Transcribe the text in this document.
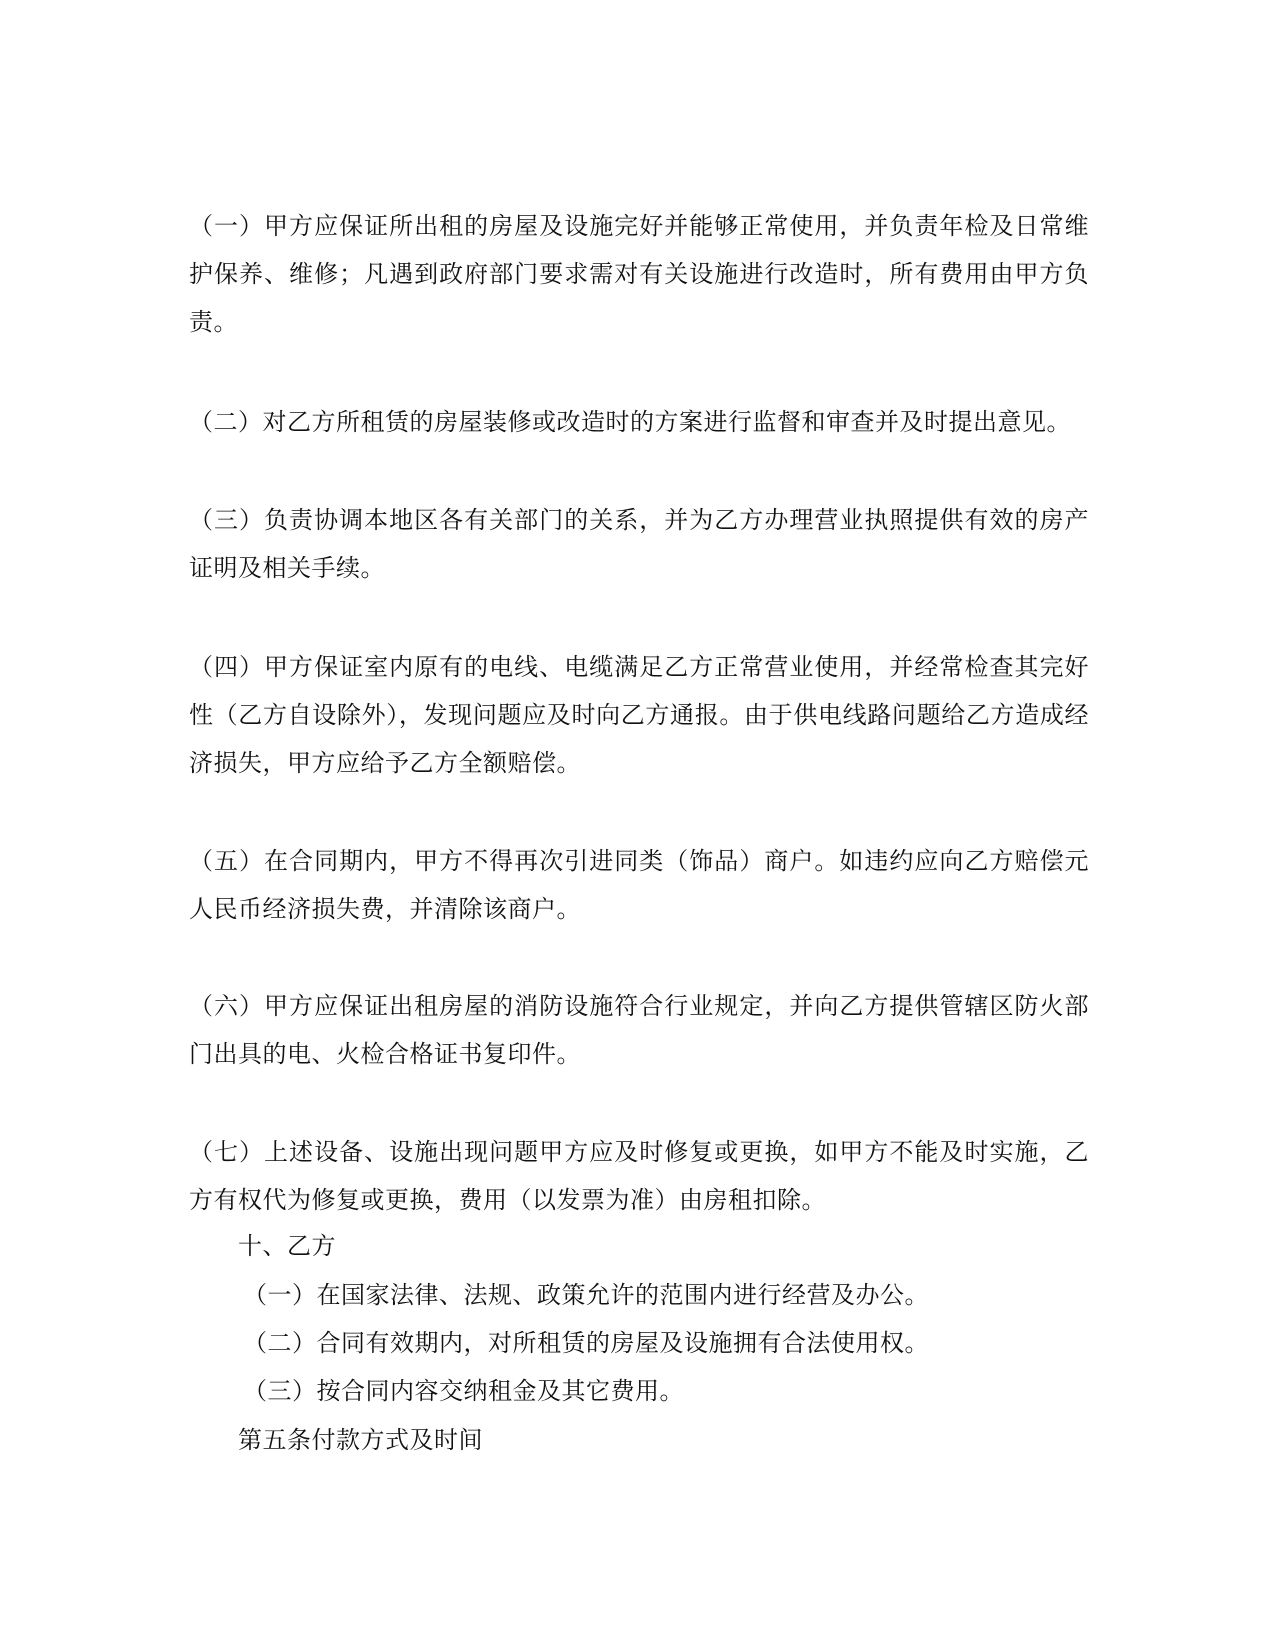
（一）甲方应保证所出租的房屋及设施完好并能够正常使用，并负责年检及日常维护保养、维修；凡遇到政府部门要求需对有关设施进行改造时，所有费用由甲方负责。

（二）对乙方所租赁的房屋装修或改造时的方案进行监督和审查并及时提出意见。

（三）负责协调本地区各有关部门的关系，并为乙方办理营业执照提供有效的房产证明及相关手续。

（四）甲方保证室内原有的电线、电缆满足乙方正常营业使用，并经常检查其完好性（乙方自设除外），发现问题应及时向乙方通报。由于供电线路问题给乙方造成经济损失，甲方应给予乙方全额赔偿。

（五）在合同期内，甲方不得再次引进同类（饰品）商户。如违约应向乙方赔偿元人民币经济损失费，并清除该商户。

（六）甲方应保证出租房屋的消防设施符合行业规定，并向乙方提供管辖区防火部门出具的电、火检合格证书复印件。

（七）上述设备、设施出现问题甲方应及时修复或更换，如甲方不能及时实施，乙方有权代为修复或更换，费用（以发票为准）由房租扣除。

十、乙方

（一）在国家法律、法规、政策允许的范围内进行经营及办公。

（二）合同有效期内，对所租赁的房屋及设施拥有合法使用权。

（三）按合同内容交纳租金及其它费用。

第五条付款方式及时间
